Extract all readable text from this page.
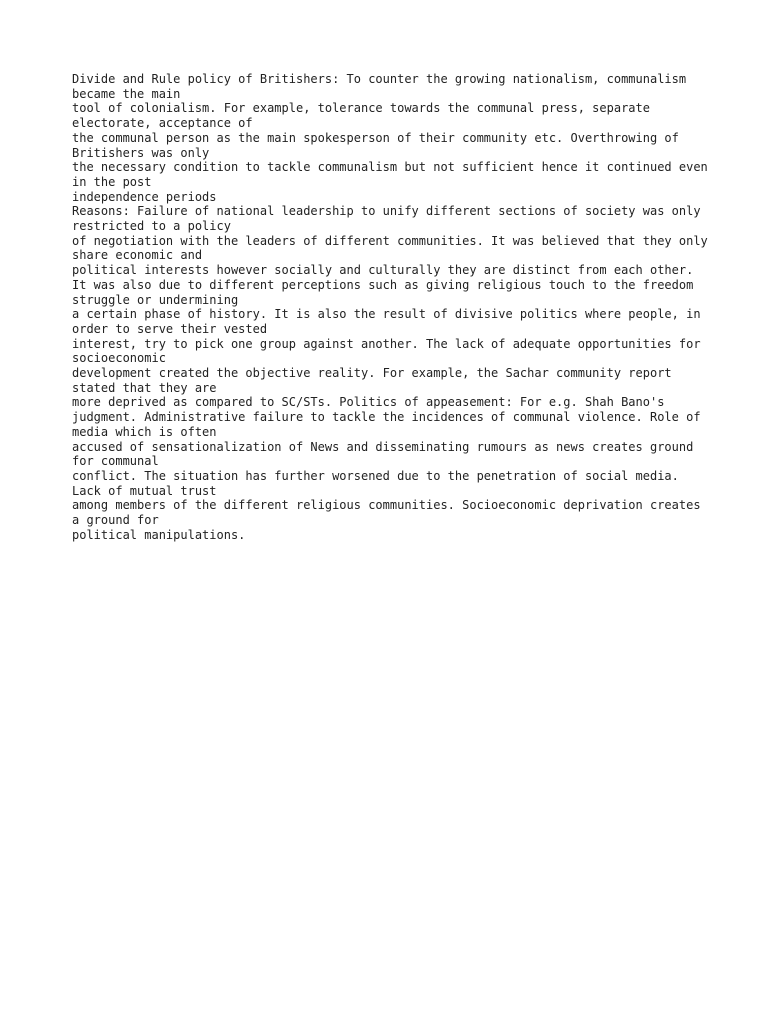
Divide and Rule policy of Britishers: To counter the growing nationalism, communalism became the main
tool of colonialism. For example, tolerance towards the communal press, separate electorate, acceptance of
the communal person as the main spokesperson of their community etc. Overthrowing of Britishers was only
the necessary condition to tackle communalism but not sufficient hence it continued even in the post
independence periods
Reasons: Failure of national leadership to unify different sections of society was only restricted to a policy
of negotiation with the leaders of different communities. It was believed that they only share economic and
political interests however socially and culturally they are distinct from each other.
It was also due to different perceptions such as giving religious touch to the freedom struggle or undermining
a certain phase of history. It is also the result of divisive politics where people, in order to serve their vested
interest, try to pick one group against another. The lack of adequate opportunities for socioeconomic
development created the objective reality. For example, the Sachar community report stated that they are
more deprived as compared to SC/STs. Politics of appeasement: For e.g. Shah Bano's judgment. Administrative failure to tackle the incidences of communal violence. Role of media which is often
accused of sensationalization of News and disseminating rumours as news creates ground for communal
conflict. The situation has further worsened due to the penetration of social media. Lack of mutual trust
among members of the different religious communities. Socioeconomic deprivation creates a ground for
political manipulations.
